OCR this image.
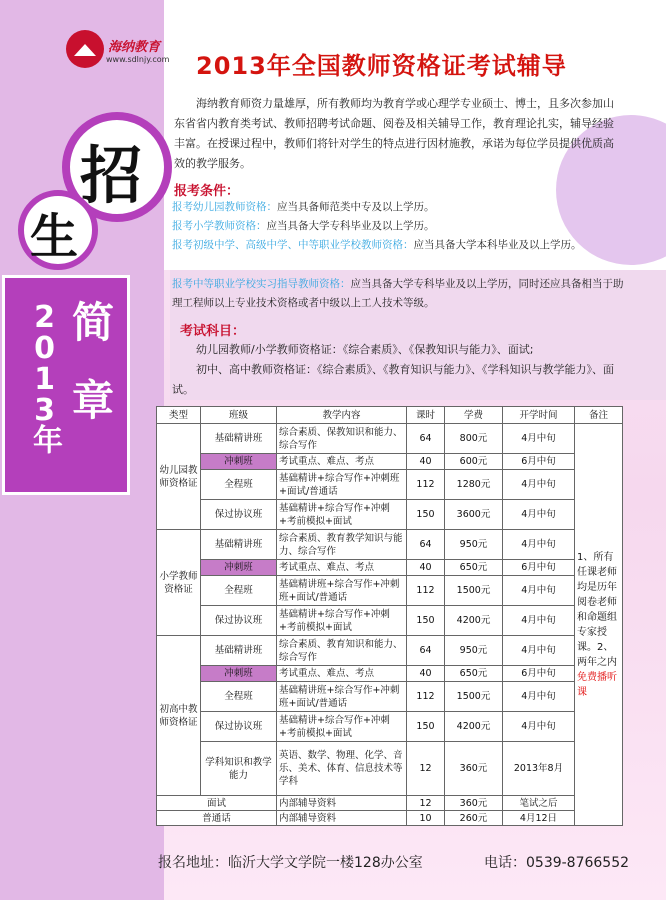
海纳教育
www.sdlnjy.com 2013年全国教师资格证考试辅导
招
生
简
章
2013年
海纳教育师资力量雄厚，所有教师均为教育学或心理学专业硕士、博士，且多次参加山东省省内教育类考试、教师招聘考试命题、阅卷及相关辅导工作，教育理论扎实，辅导经验丰富。在授课过程中，教师们将针对学生的特点进行因材施教，承诺为每位学员提供优质高效的教学服务。
报考条件：
报考幼儿园教师资格：应当具备师范类中专及以上学历。
报考小学教师资格：应当具备大学专科毕业及以上学历。
报考初级中学、高级中学、中等职业学校教师资格：应当具备大学本科毕业及以上学历。
报考中等职业学校实习指导教师资格：应当具备大学专科毕业及以上学历，同时还应具备相当于助理工程师以上专业技术资格或者中级以上工人技术等级。
考试科目：
幼儿园教师/小学教师资格证：《综合素质》、《保教知识与能力》、面试;
初中、高中教师资格证：《综合素质》、《教育知识与能力》、《学科知识与教学能力》、面试。
类型	班级	教学内容	课时	学费	开学时间	备注
幼儿园教师资格证	基础精讲班	综合素质、保教知识和能力、综合写作	64	800元	4月中旬	1、所有任课老师均是历年阅卷老师和命题组专家授课。2、两年之内免费播听课
	冲刺班	考试重点、难点、考点	40	600元	6月中旬	
	全程班	基础精讲+综合写作+冲刺班+面试/普通话	112	1280元	4月中旬	
	保过协议班	基础精讲+综合写作+冲刺+考前模拟+面试	150	3600元	4月中旬	
小学教师资格证	基础精讲班	综合素质、教育教学知识与能力、综合写作	64	950元	4月中旬	
	冲刺班	考试重点、难点、考点	40	650元	6月中旬	
	全程班	基础精讲班+综合写作+冲刺班+面试/普通话	112	1500元	4月中旬	
	保过协议班	基础精讲+综合写作+冲刺+考前模拟+面试	150	4200元	4月中旬	
初高中教师资格证	基础精讲班	综合素质、教育知识和能力、综合写作	64	950元	4月中旬	
	冲刺班	考试重点、难点、考点	40	650元	6月中旬	
	全程班	基础精讲班+综合写作+冲刺班+面试/普通话	112	1500元	4月中旬	
	保过协议班	基础精讲+综合写作+冲刺+考前模拟+面试	150	4200元	4月中旬	
	学科知识和教学能力	英语、数学、物理、化学、音乐、美术、体育、信息技术等学科	12	360元	2013年8月	
面试		内部辅导资料	12	360元	笔试之后	
普通话		内部辅导资料	10	260元	4月12日	
报名地址：临沂大学文学院一楼128办公室	电话：0539-8766552
